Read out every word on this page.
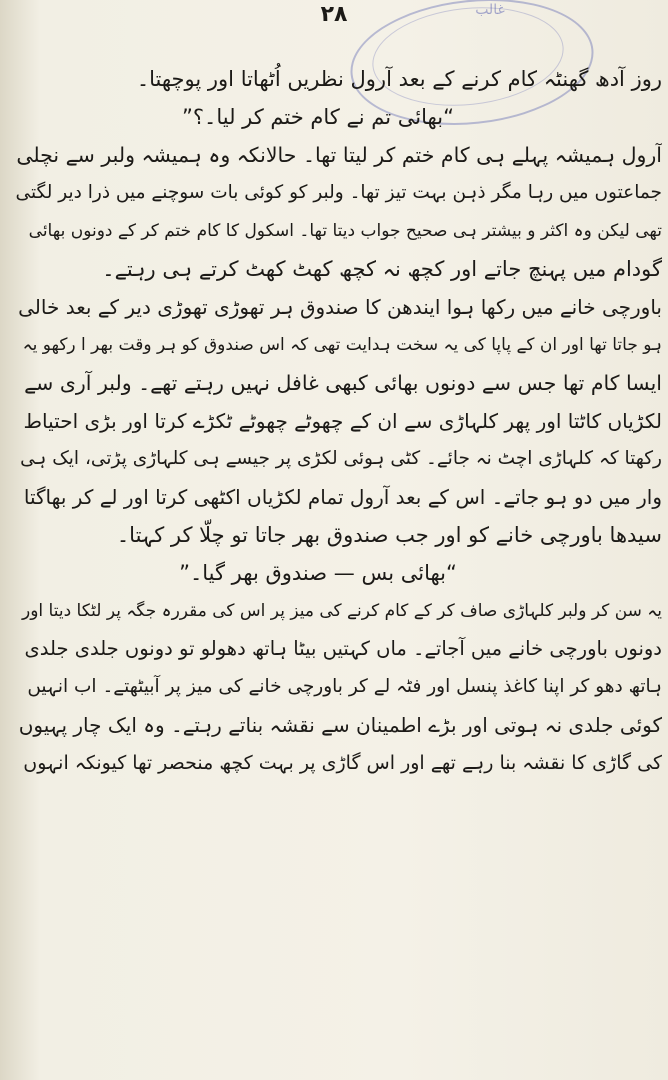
غالب
۲۸
روز آدھ گھنٹہ کام کرنے کے بعد آرول نظریں اُٹھاتا اور پوچھتا۔
“بھائی تم نے کام ختم کر لیا۔؟”
آرول ہمیشہ پہلے ہی کام ختم کر لیتا تھا۔ حالانکہ وہ ہمیشہ ولبر سے نچلی
جماعتوں میں رہا مگر ذہن بہت تیز تھا۔ ولبر کو کوئی بات سوچنے میں ذرا دیر لگتی
تھی لیکن وہ اکثر و بیشتر ہی صحیح جواب دیتا تھا۔ اسکول کا کام ختم کر کے دونوں بھائی
گودام میں پہنچ جاتے اور کچھ نہ کچھ کھٹ کھٹ کرتے ہی رہتے۔
باورچی خانے میں رکھا ہوا ایندھن کا صندوق ہر تھوڑی تھوڑی دیر کے بعد خالی
ہو جاتا تھا اور ان کے پاپا کی یہ سخت ہدایت تھی کہ اس صندوق کو ہر وقت بھر ا رکھو یہ
ایسا کام تھا جس سے دونوں بھائی کبھی غافل نہیں رہتے تھے۔ ولبر آری سے
لکڑیاں کاٹتا اور پھر کلہاڑی سے ان کے چھوٹے چھوٹے ٹکڑے کرتا اور بڑی احتیاط
رکھتا کہ کلہاڑی اچٹ نہ جائے۔ کٹی ہوئی لکڑی پر جیسے ہی کلہاڑی پڑتی، ایک ہی
وار میں دو ہو جاتے۔ اس کے بعد آرول تمام لکڑیاں اکٹھی کرتا اور لے کر بھاگتا
سیدھا باورچی خانے کو اور جب صندوق بھر جاتا تو چلّا کر کہتا۔
“بھائی بس — صندوق بھر گیا۔”
یہ سن کر ولبر کلہاڑی صاف کر کے کام کرنے کی میز پر اس کی مقررہ جگہ پر لٹکا دیتا اور
دونوں باورچی خانے میں آجاتے۔ ماں کہتیں بیٹا ہاتھ دھولو تو دونوں جلدی جلدی
ہاتھ دھو کر اپنا کاغذ پنسل اور فٹہ لے کر باورچی خانے کی میز پر آبیٹھتے۔ اب انہیں
کوئی جلدی نہ ہوتی اور بڑے اطمینان سے نقشہ بناتے رہتے۔ وہ ایک چار پہیوں
کی گاڑی کا نقشہ بنا رہے تھے اور اس گاڑی پر بہت کچھ منحصر تھا کیونکہ انہوں
